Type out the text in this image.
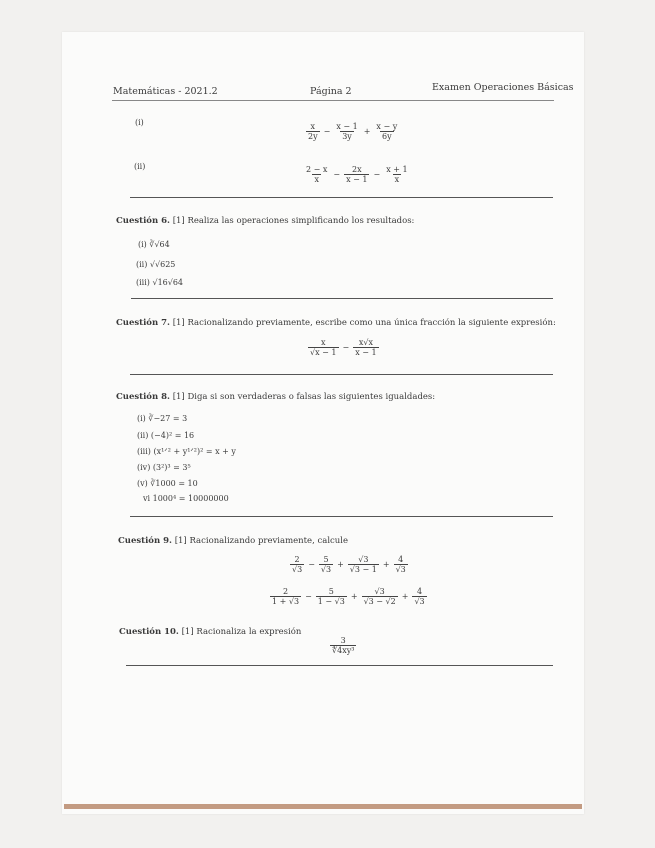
Matemáticas - 2021.2	Página 2	Examen Operaciones Básicas
(i)	$\frac{x}{2y} - \frac{x - 1}{3y} + \frac{x - y}{6y}$
(ii)	$\frac{2 - x}{x} - \frac{2x}{x - 1} - \frac{x + 1}{x}$
Cuestión 6. [1] Realiza las operaciones simplificando los resultados:
(i) ∛√64
(ii) √√625
(iii) √16√64
Cuestión 7. [1] Racionalizando previamente, escribe como una única fracción la siguiente expresión:
$\frac{x}{√x - 1} - \frac{x√x}{x - 1}$
Cuestión 8. [1] Diga si son verdaderas o falsas las siguientes igualdades:
(i) ∛−27 = 3
(ii) (−4)² = 16
(iii) (x¹ᐟ² + y¹ᐟ²)² = x + y
(iv) (3²)³ = 3⁵
(v) ∛1000 = 10
vi 1000⁴ = 10000000
Cuestión 9. [1] Racionalizando previamente, calcule
$\frac{2}{√3} - \frac{5}{√3} + \frac{√3}{√3 - 1} + \frac{4}{√3}$
$\frac{2}{1 + √3} - \frac{5}{1 - √3} + \frac{√3}{√3 - √2} + \frac{4}{√3}$
Cuestión 10. [1] Racionaliza la expresión
$\frac{3}{\text{∜4xy³}}$
